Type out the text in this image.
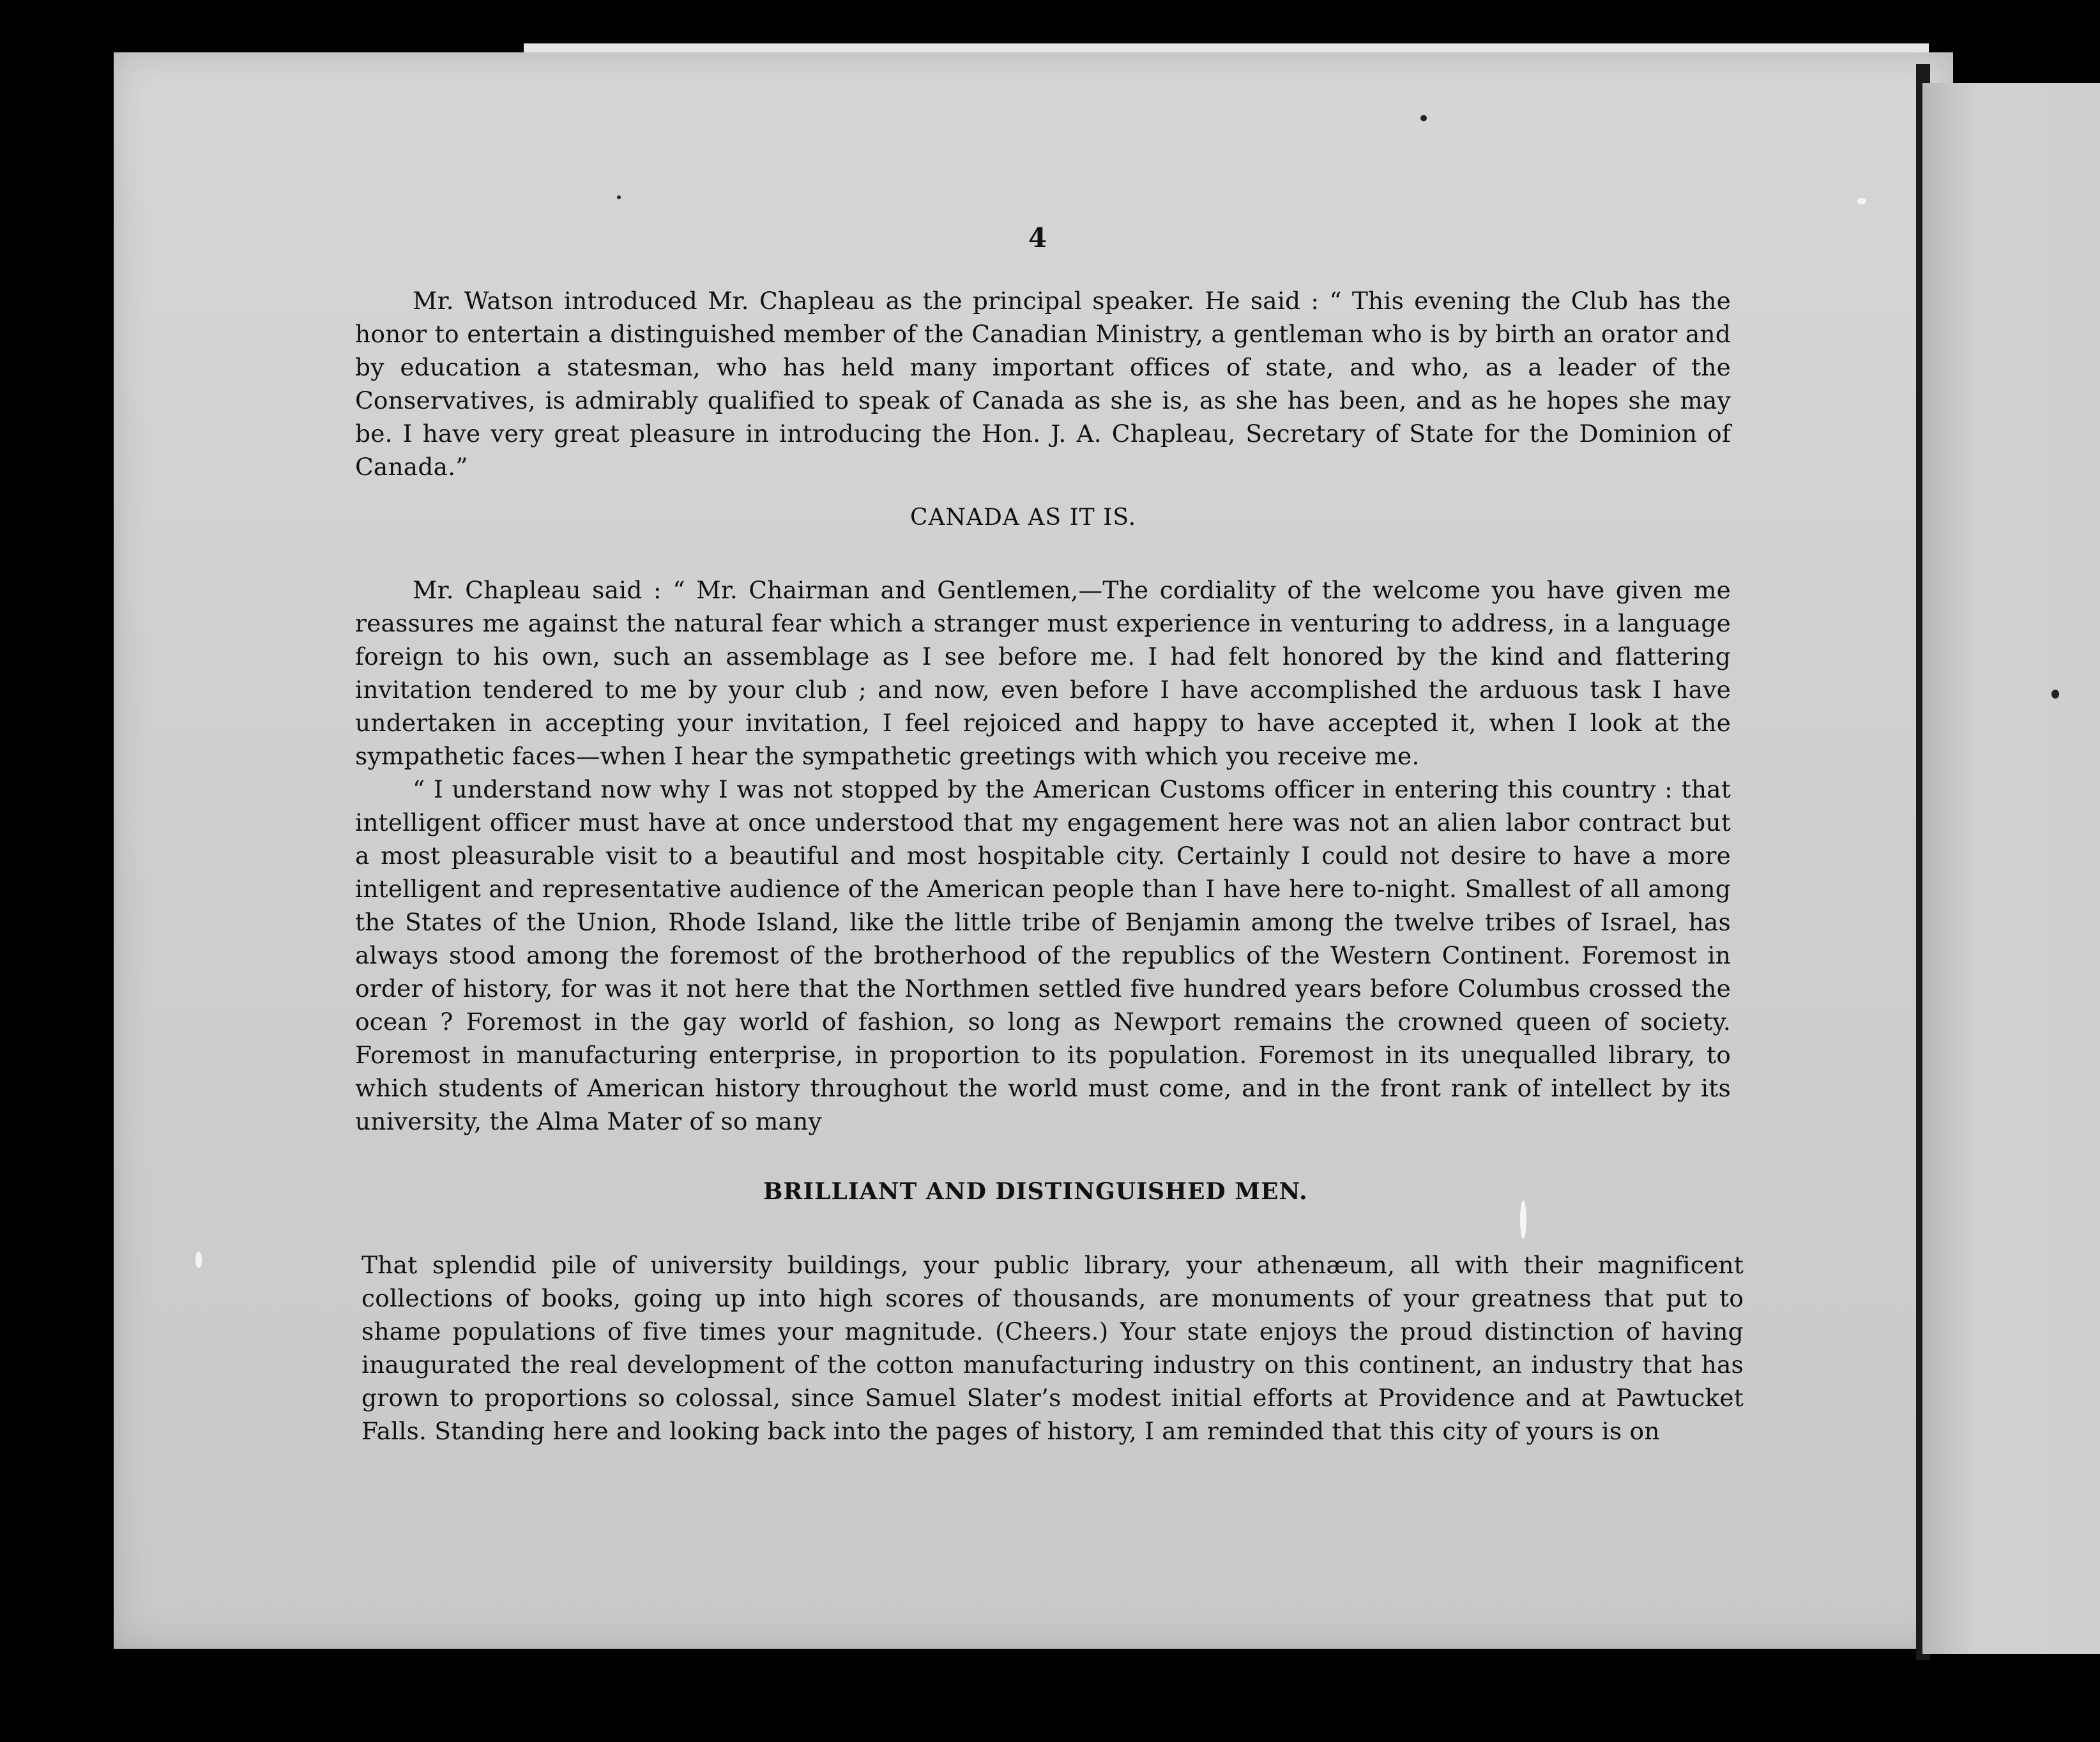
4

Mr. Watson introduced Mr. Chapleau as the principal speaker. He said : “ This evening the Club has the honor to entertain a distinguished member of the Canadian Ministry, a gentleman who is by birth an orator and by education a statesman, who has held many important offices of state, and who, as a leader of the Conservatives, is admirably qualified to speak of Canada as she is, as she has been, and as he hopes she may be. I have very great pleasure in introducing the Hon. J. A. Chapleau, Secretary of State for the Dominion of Canada.”

CANADA AS IT IS.

Mr. Chapleau said : “ Mr. Chairman and Gentlemen,—The cordiality of the welcome you have given me reassures me against the natural fear which a stranger must experience in venturing to address, in a language foreign to his own, such an assemblage as I see before me. I had felt honored by the kind and flattering invitation tendered to me by your club ; and now, even before I have accomplished the arduous task I have undertaken in accepting your invitation, I feel rejoiced and happy to have accepted it, when I look at the sympathetic faces—when I hear the sympathetic greetings with which you receive me.

“ I understand now why I was not stopped by the American Customs officer in entering this country : that intelligent officer must have at once understood that my engagement here was not an alien labor contract but a most pleasurable visit to a beautiful and most hospitable city. Certainly I could not desire to have a more intelligent and representative audience of the American people than I have here to-night. Smallest of all among the States of the Union, Rhode Island, like the little tribe of Benjamin among the twelve tribes of Israel, has always stood among the foremost of the brotherhood of the republics of the Western Continent. Foremost in order of history, for was it not here that the Northmen settled five hundred years before Columbus crossed the ocean ? Foremost in the gay world of fashion, so long as Newport remains the crowned queen of society. Foremost in manufacturing enterprise, in proportion to its population. Foremost in its unequalled library, to which students of American history throughout the world must come, and in the front rank of intellect by its university, the Alma Mater of so many

BRILLIANT AND DISTINGUISHED MEN.

That splendid pile of university buildings, your public library, your athenæum, all with their magnificent collections of books, going up into high scores of thousands, are monuments of your greatness that put to shame populations of five times your magnitude. (Cheers.) Your state enjoys the proud distinction of having inaugurated the real development of the cotton manufacturing industry on this continent, an industry that has grown to proportions so colossal, since Samuel Slater’s modest initial efforts at Providence and at Pawtucket Falls. Standing here and looking back into the pages of history, I am reminded that this city of yours is on
